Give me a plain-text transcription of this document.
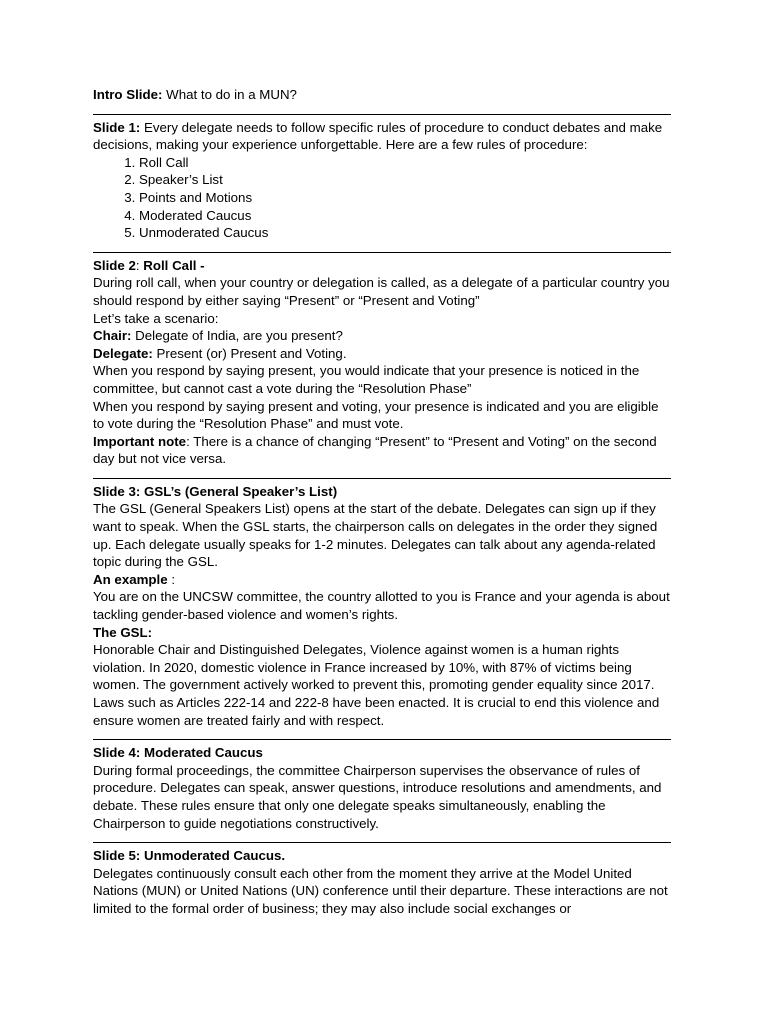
Intro Slide: What to do in a MUN?

Slide 1: Every delegate needs to follow specific rules of procedure to conduct debates and make decisions, making your experience unforgettable. Here are a few rules of procedure:

1. Roll Call
2. Speaker’s List
3. Points and Motions
4. Moderated Caucus
5. Unmoderated Caucus

Slide 2: Roll Call -

During roll call, when your country or delegation is called, as a delegate of a particular country you should respond by either saying “Present” or “Present and Voting”

Let’s take a scenario:

Chair: Delegate of India, are you present?

Delegate: Present (or) Present and Voting.

When you respond by saying present, you would indicate that your presence is noticed in the committee, but cannot cast a vote during the “Resolution Phase”

When you respond by saying present and voting, your presence is indicated and you are eligible to vote during the “Resolution Phase” and must vote.

Important note: There is a chance of changing “Present” to “Present and Voting” on the second day but not vice versa.

Slide 3: GSL’s (General Speaker’s List)

The GSL (General Speakers List) opens at the start of the debate. Delegates can sign up if they want to speak. When the GSL starts, the chairperson calls on delegates in the order they signed up. Each delegate usually speaks for 1-2 minutes. Delegates can talk about any agenda-related topic during the GSL.

An example :

You are on the UNCSW committee, the country allotted to you is France and your agenda is about tackling gender-based violence and women’s rights.

The GSL:

Honorable Chair and Distinguished Delegates, Violence against women is a human rights violation. In 2020, domestic violence in France increased by 10%, with 87% of victims being women. The government actively worked to prevent this, promoting gender equality since 2017. Laws such as Articles 222-14 and 222-8 have been enacted. It is crucial to end this violence and ensure women are treated fairly and with respect.

Slide 4: Moderated Caucus

During formal proceedings, the committee Chairperson supervises the observance of rules of procedure. Delegates can speak, answer questions, introduce resolutions and amendments, and debate. These rules ensure that only one delegate speaks simultaneously, enabling the Chairperson to guide negotiations constructively.

Slide 5: Unmoderated Caucus.

Delegates continuously consult each other from the moment they arrive at the Model United Nations (MUN) or United Nations (UN) conference until their departure. These interactions are not limited to the formal order of business; they may also include social exchanges or
